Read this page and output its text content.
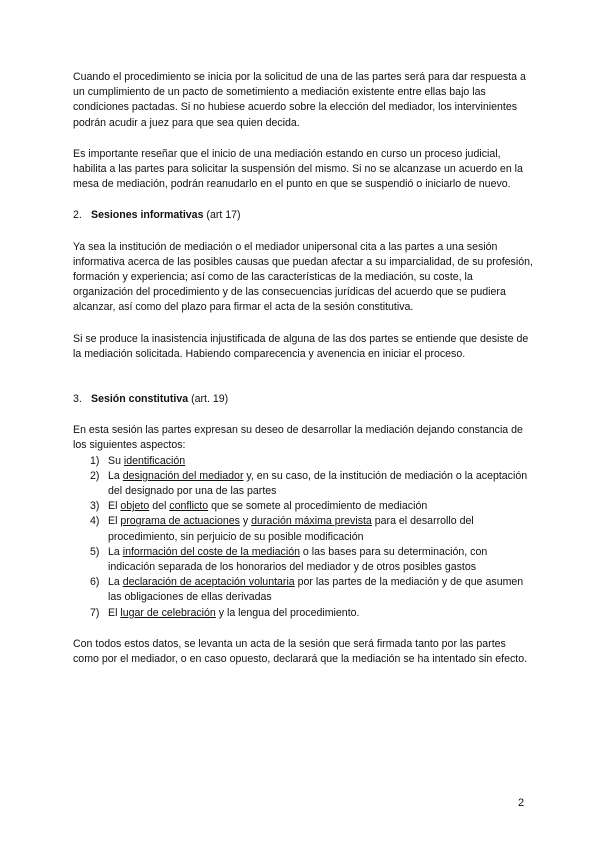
Cuando el procedimiento se inicia por la solicitud de una de las partes será para dar respuesta a un cumplimiento de un pacto de sometimiento a mediación existente entre ellas bajo las condiciones pactadas. Si no hubiese acuerdo sobre la elección del mediador, los intervinientes podrán acudir a juez para que sea quien decida.

Es importante reseñar que el inicio de una mediación estando en curso un proceso judicial, habilita a las partes para solicitar la suspensión del mismo. Si no se alcanzase un acuerdo en la mesa de mediación, podrán reanudarlo en el punto en que se suspendió o iniciarlo de nuevo.

2. Sesiones informativas (art 17)

Ya sea la institución de mediación o el mediador unipersonal cita a las partes a una sesión informativa acerca de las posibles causas que puedan afectar a su imparcialidad, de su profesión, formación y experiencia; así como de las características de la mediación, su coste, la organización del procedimiento y de las consecuencias jurídicas del acuerdo que se pudiera alcanzar, así como del plazo para firmar el acta de la sesión constitutiva.

Si se produce la inasistencia injustificada de alguna de las dos partes se entiende que desiste de la mediación solicitada. Habiendo comparecencia y avenencia en iniciar el proceso.

3. Sesión constitutiva (art. 19)

En esta sesión las partes expresan su deseo de desarrollar la mediación dejando constancia de los siguientes aspectos:

1) Su identificación
2) La designación del mediador y, en su caso, de la institución de mediación o la aceptación del designado por una de las partes
3) El objeto del conflicto que se somete al procedimiento de mediación
4) El programa de actuaciones y duración máxima prevista para el desarrollo del procedimiento, sin perjuicio de su posible modificación
5) La información del coste de la mediación o las bases para su determinación, con indicación separada de los honorarios del mediador y de otros posibles gastos
6) La declaración de aceptación voluntaria por las partes de la mediación y de que asumen las obligaciones de ellas derivadas
7) El lugar de celebración y la lengua del procedimiento.

Con todos estos datos, se levanta un acta de la sesión que será firmada tanto por las partes como por el mediador, o en caso opuesto, declarará que la mediación se ha intentado sin efecto.

2
